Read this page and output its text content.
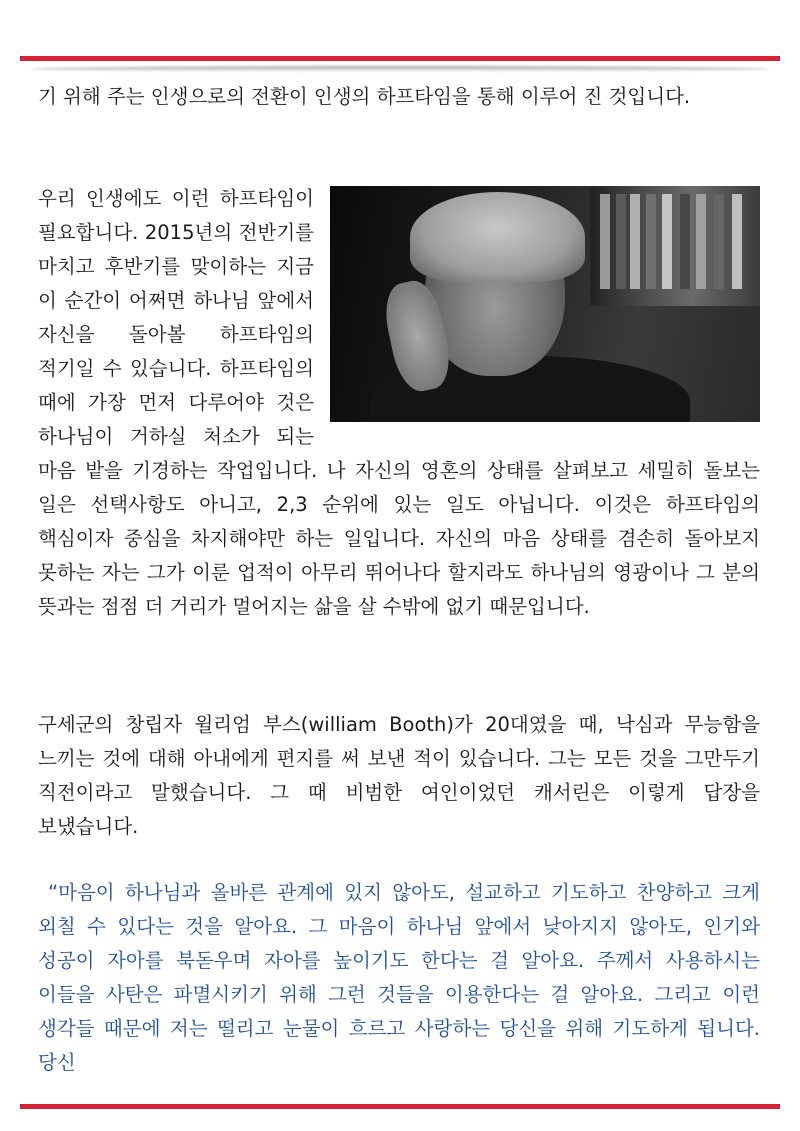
기 위해 주는 인생으로의 전환이 인생의 하프타임을 통해 이루어 진 것입니다.
우리 인생에도 이런 하프타임이 필요합니다. 2015년의 전반기를 마치고 후반기를 맞이하는 지금 이 순간이 어쩌면 하나님 앞에서 자신을 돌아볼 하프타임의 적기일 수 있습니다. 하프타임의 때에 가장 먼저 다루어야 것은 하나님이 거하실 처소가 되는 마음 밭을 기경하는 작업입니다. 나 자신의 영혼의 상태를 살펴보고 세밀히 돌보는 일은 선택사항도 아니고, 2,3 순위에 있는 일도 아닙니다. 이것은 하프타임의 핵심이자 중심을 차지해야만 하는 일입니다. 자신의 마음 상태를 겸손히 돌아보지 못하는 자는 그가 이룬 업적이 아무리 뛰어나다 할지라도 하나님의 영광이나 그 분의 뜻과는 점점 더 거리가 멀어지는 삶을 살 수밖에 없기 때문입니다.
구세군의 창립자 윌리엄 부스(william Booth)가 20대였을 때, 낙심과 무능함을 느끼는 것에 대해 아내에게 편지를 써 보낸 적이 있습니다. 그는 모든 것을 그만두기 직전이라고 말했습니다. 그 때 비범한 여인이었던 캐서린은 이렇게 답장을 보냈습니다.
“마음이 하나님과 올바른 관계에 있지 않아도, 설교하고 기도하고 찬양하고 크게 외칠 수 있다는 것을 알아요. 그 마음이 하나님 앞에서 낮아지지 않아도, 인기와 성공이 자아를 북돋우며 자아를 높이기도 한다는 걸 알아요. 주께서 사용하시는 이들을 사탄은 파멸시키기 위해 그런 것들을 이용한다는 걸 알아요. 그리고 이런 생각들 때문에 저는 떨리고 눈물이 흐르고 사랑하는 당신을 위해 기도하게 됩니다. 당신
